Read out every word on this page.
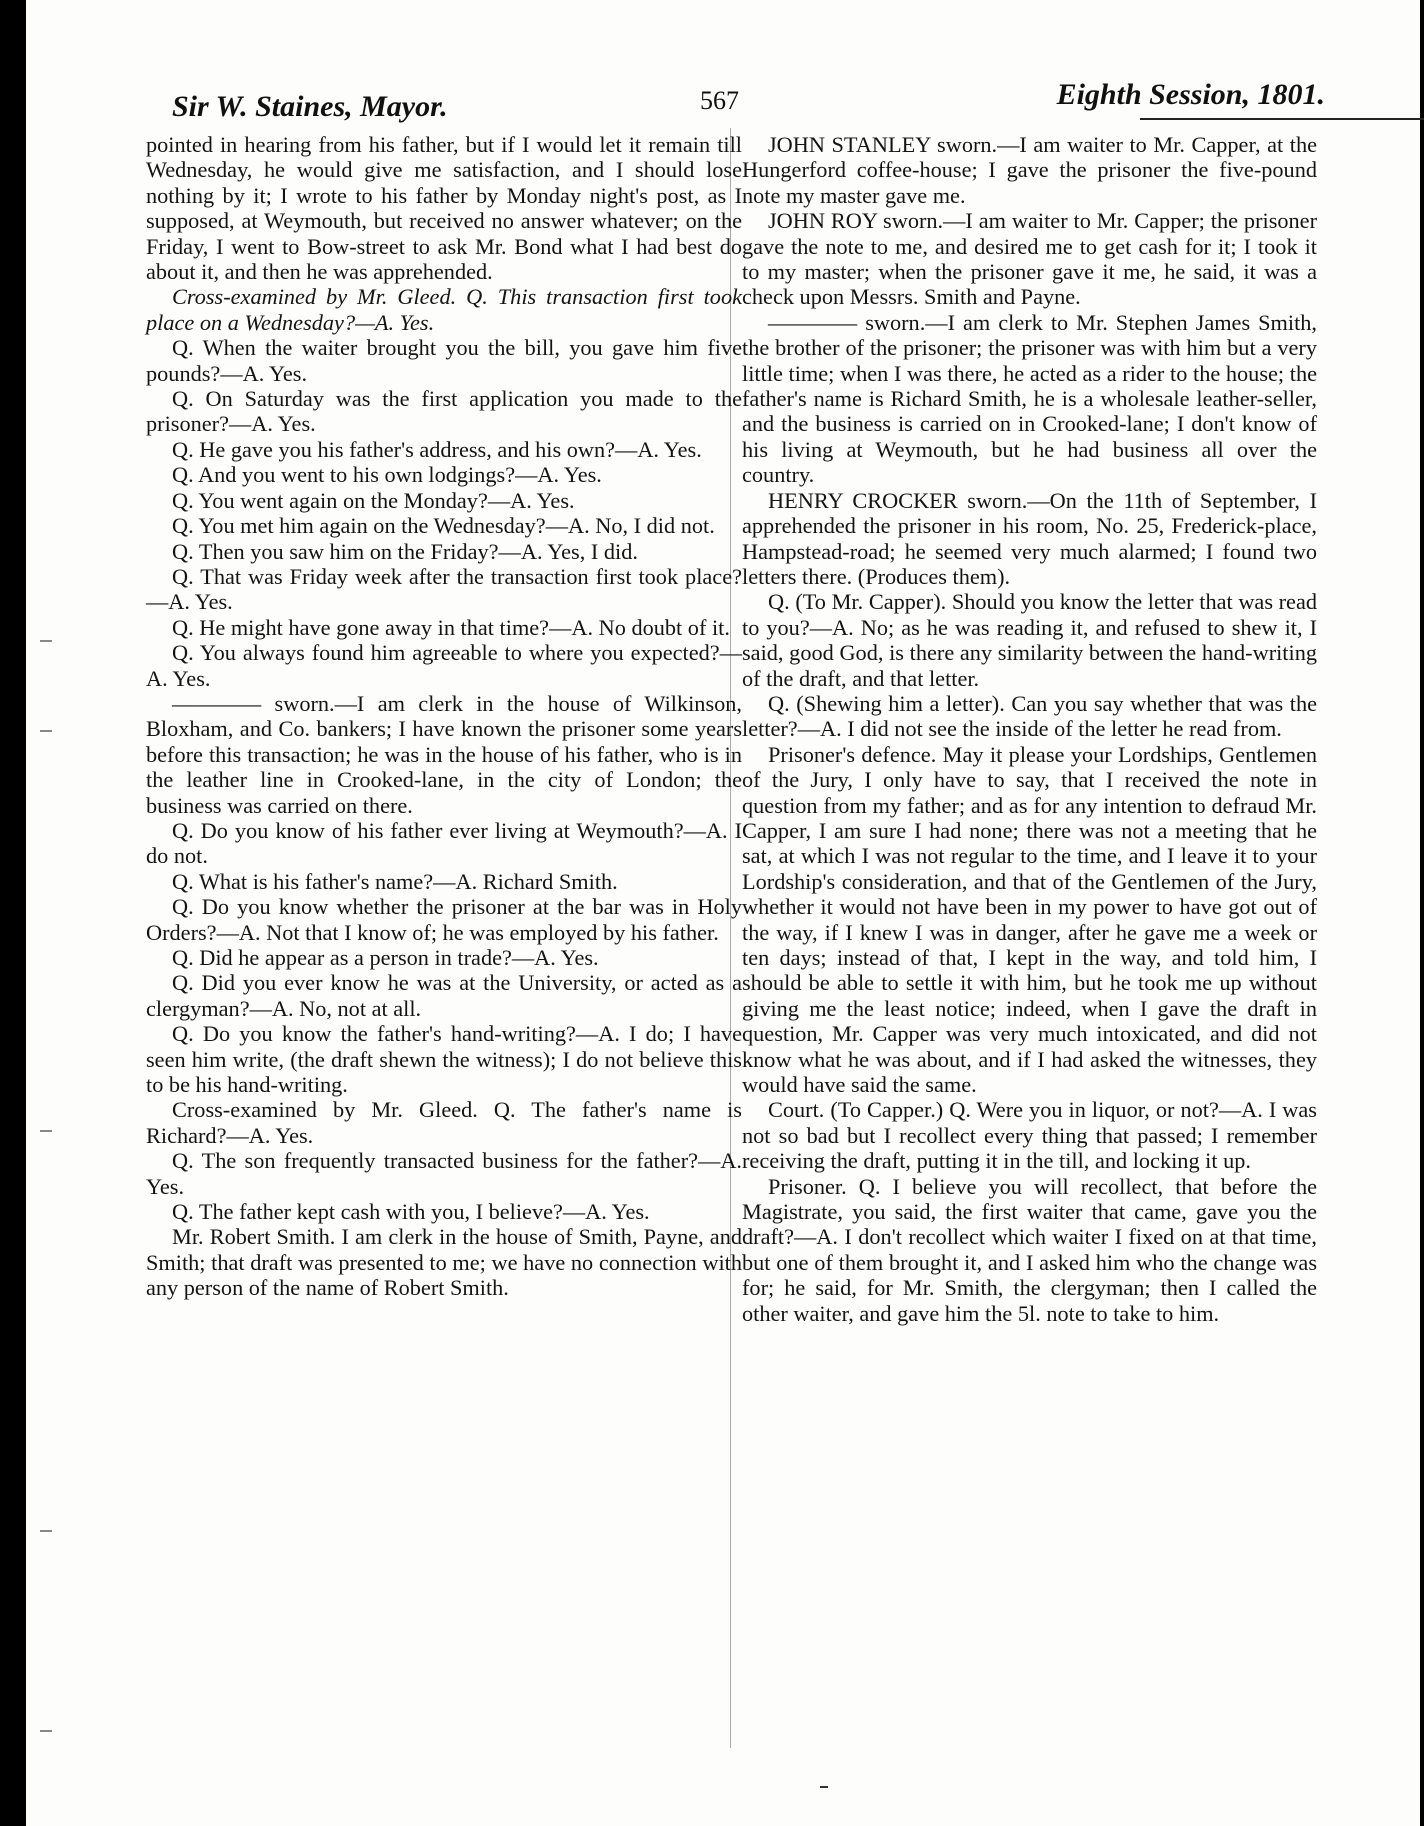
Sir W. Staines, Mayor.	567	Eighth Session, 1801.

pointed in hearing from his father, but if I would let it remain till Wednesday, he would give me satisfaction, and I should lose nothing by it; I wrote to his father by Monday night's post, as I supposed, at Weymouth, but received no answer whatever; on the Friday, I went to Bow-street to ask Mr. Bond what I had best do about it, and then he was apprehended.

Cross-examined by Mr. Gleed. Q. This transaction first took place on a Wednesday?—A. Yes.

Q. When the waiter brought you the bill, you gave him five pounds?—A. Yes.

Q. On Saturday was the first application you made to the prisoner?—A. Yes.

Q. He gave you his father's address, and his own?—A. Yes.

Q. And you went to his own lodgings?—A. Yes.

Q. You went again on the Monday?—A. Yes.

Q. You met him again on the Wednesday?—A. No, I did not.

Q. Then you saw him on the Friday?—A. Yes, I did.

Q. That was Friday week after the transaction first took place?—A. Yes.

Q. He might have gone away in that time?—A. No doubt of it.

Q. You always found him agreeable to where you expected?—A. Yes.

———— sworn.—I am clerk in the house of Wilkinson, Bloxham, and Co. bankers; I have known the prisoner some years before this transaction; he was in the house of his father, who is in the leather line in Crooked-lane, in the city of London; the business was carried on there.

Q. Do you know of his father ever living at Weymouth?—A. I do not.

Q. What is his father's name?—A. Richard Smith.

Q. Do you know whether the prisoner at the bar was in Holy Orders?—A. Not that I know of; he was employed by his father.

Q. Did he appear as a person in trade?—A. Yes.

Q. Did you ever know he was at the University, or acted as a clergyman?—A. No, not at all.

Q. Do you know the father's hand-writing?—A. I do; I have seen him write, (the draft shewn the witness); I do not believe this to be his hand-writing.

Cross-examined by Mr. Gleed. Q. The father's name is Richard?—A. Yes.

Q. The son frequently transacted business for the father?—A. Yes.

Q. The father kept cash with you, I believe?—A. Yes.

Mr. Robert Smith. I am clerk in the house of Smith, Payne, and Smith; that draft was presented to me; we have no connection with any person of the name of Robert Smith.

JOHN STANLEY sworn.—I am waiter to Mr. Capper, at the Hungerford coffee-house; I gave the prisoner the five-pound note my master gave me.

JOHN ROY sworn.—I am waiter to Mr. Capper; the prisoner gave the note to me, and desired me to get cash for it; I took it to my master; when the prisoner gave it me, he said, it was a check upon Messrs. Smith and Payne.

———— sworn.—I am clerk to Mr. Stephen James Smith, the brother of the prisoner; the prisoner was with him but a very little time; when I was there, he acted as a rider to the house; the father's name is Richard Smith, he is a wholesale leather-seller, and the business is carried on in Crooked-lane; I don't know of his living at Weymouth, but he had business all over the country.

HENRY CROCKER sworn.—On the 11th of September, I apprehended the prisoner in his room, No. 25, Frederick-place, Hampstead-road; he seemed very much alarmed; I found two letters there. (Produces them).

Q. (To Mr. Capper). Should you know the letter that was read to you?—A. No; as he was reading it, and refused to shew it, I said, good God, is there any similarity between the hand-writing of the draft, and that letter.

Q. (Shewing him a letter). Can you say whether that was the letter?—A. I did not see the inside of the letter he read from.

Prisoner's defence. May it please your Lordships, Gentlemen of the Jury, I only have to say, that I received the note in question from my father; and as for any intention to defraud Mr. Capper, I am sure I had none; there was not a meeting that he sat, at which I was not regular to the time, and I leave it to your Lordship's consideration, and that of the Gentlemen of the Jury, whether it would not have been in my power to have got out of the way, if I knew I was in danger, after he gave me a week or ten days; instead of that, I kept in the way, and told him, I should be able to settle it with him, but he took me up without giving me the least notice; indeed, when I gave the draft in question, Mr. Capper was very much intoxicated, and did not know what he was about, and if I had asked the witnesses, they would have said the same.

Court. (To Capper.) Q. Were you in liquor, or not?—A. I was not so bad but I recollect every thing that passed; I remember receiving the draft, putting it in the till, and locking it up.

Prisoner. Q. I believe you will recollect, that before the Magistrate, you said, the first waiter that came, gave you the draft?—A. I don't recollect which waiter I fixed on at that time, but one of them brought it, and I asked him who the change was for; he said, for Mr. Smith, the clergyman; then I called the other waiter, and gave him the 5l. note to take to him.
